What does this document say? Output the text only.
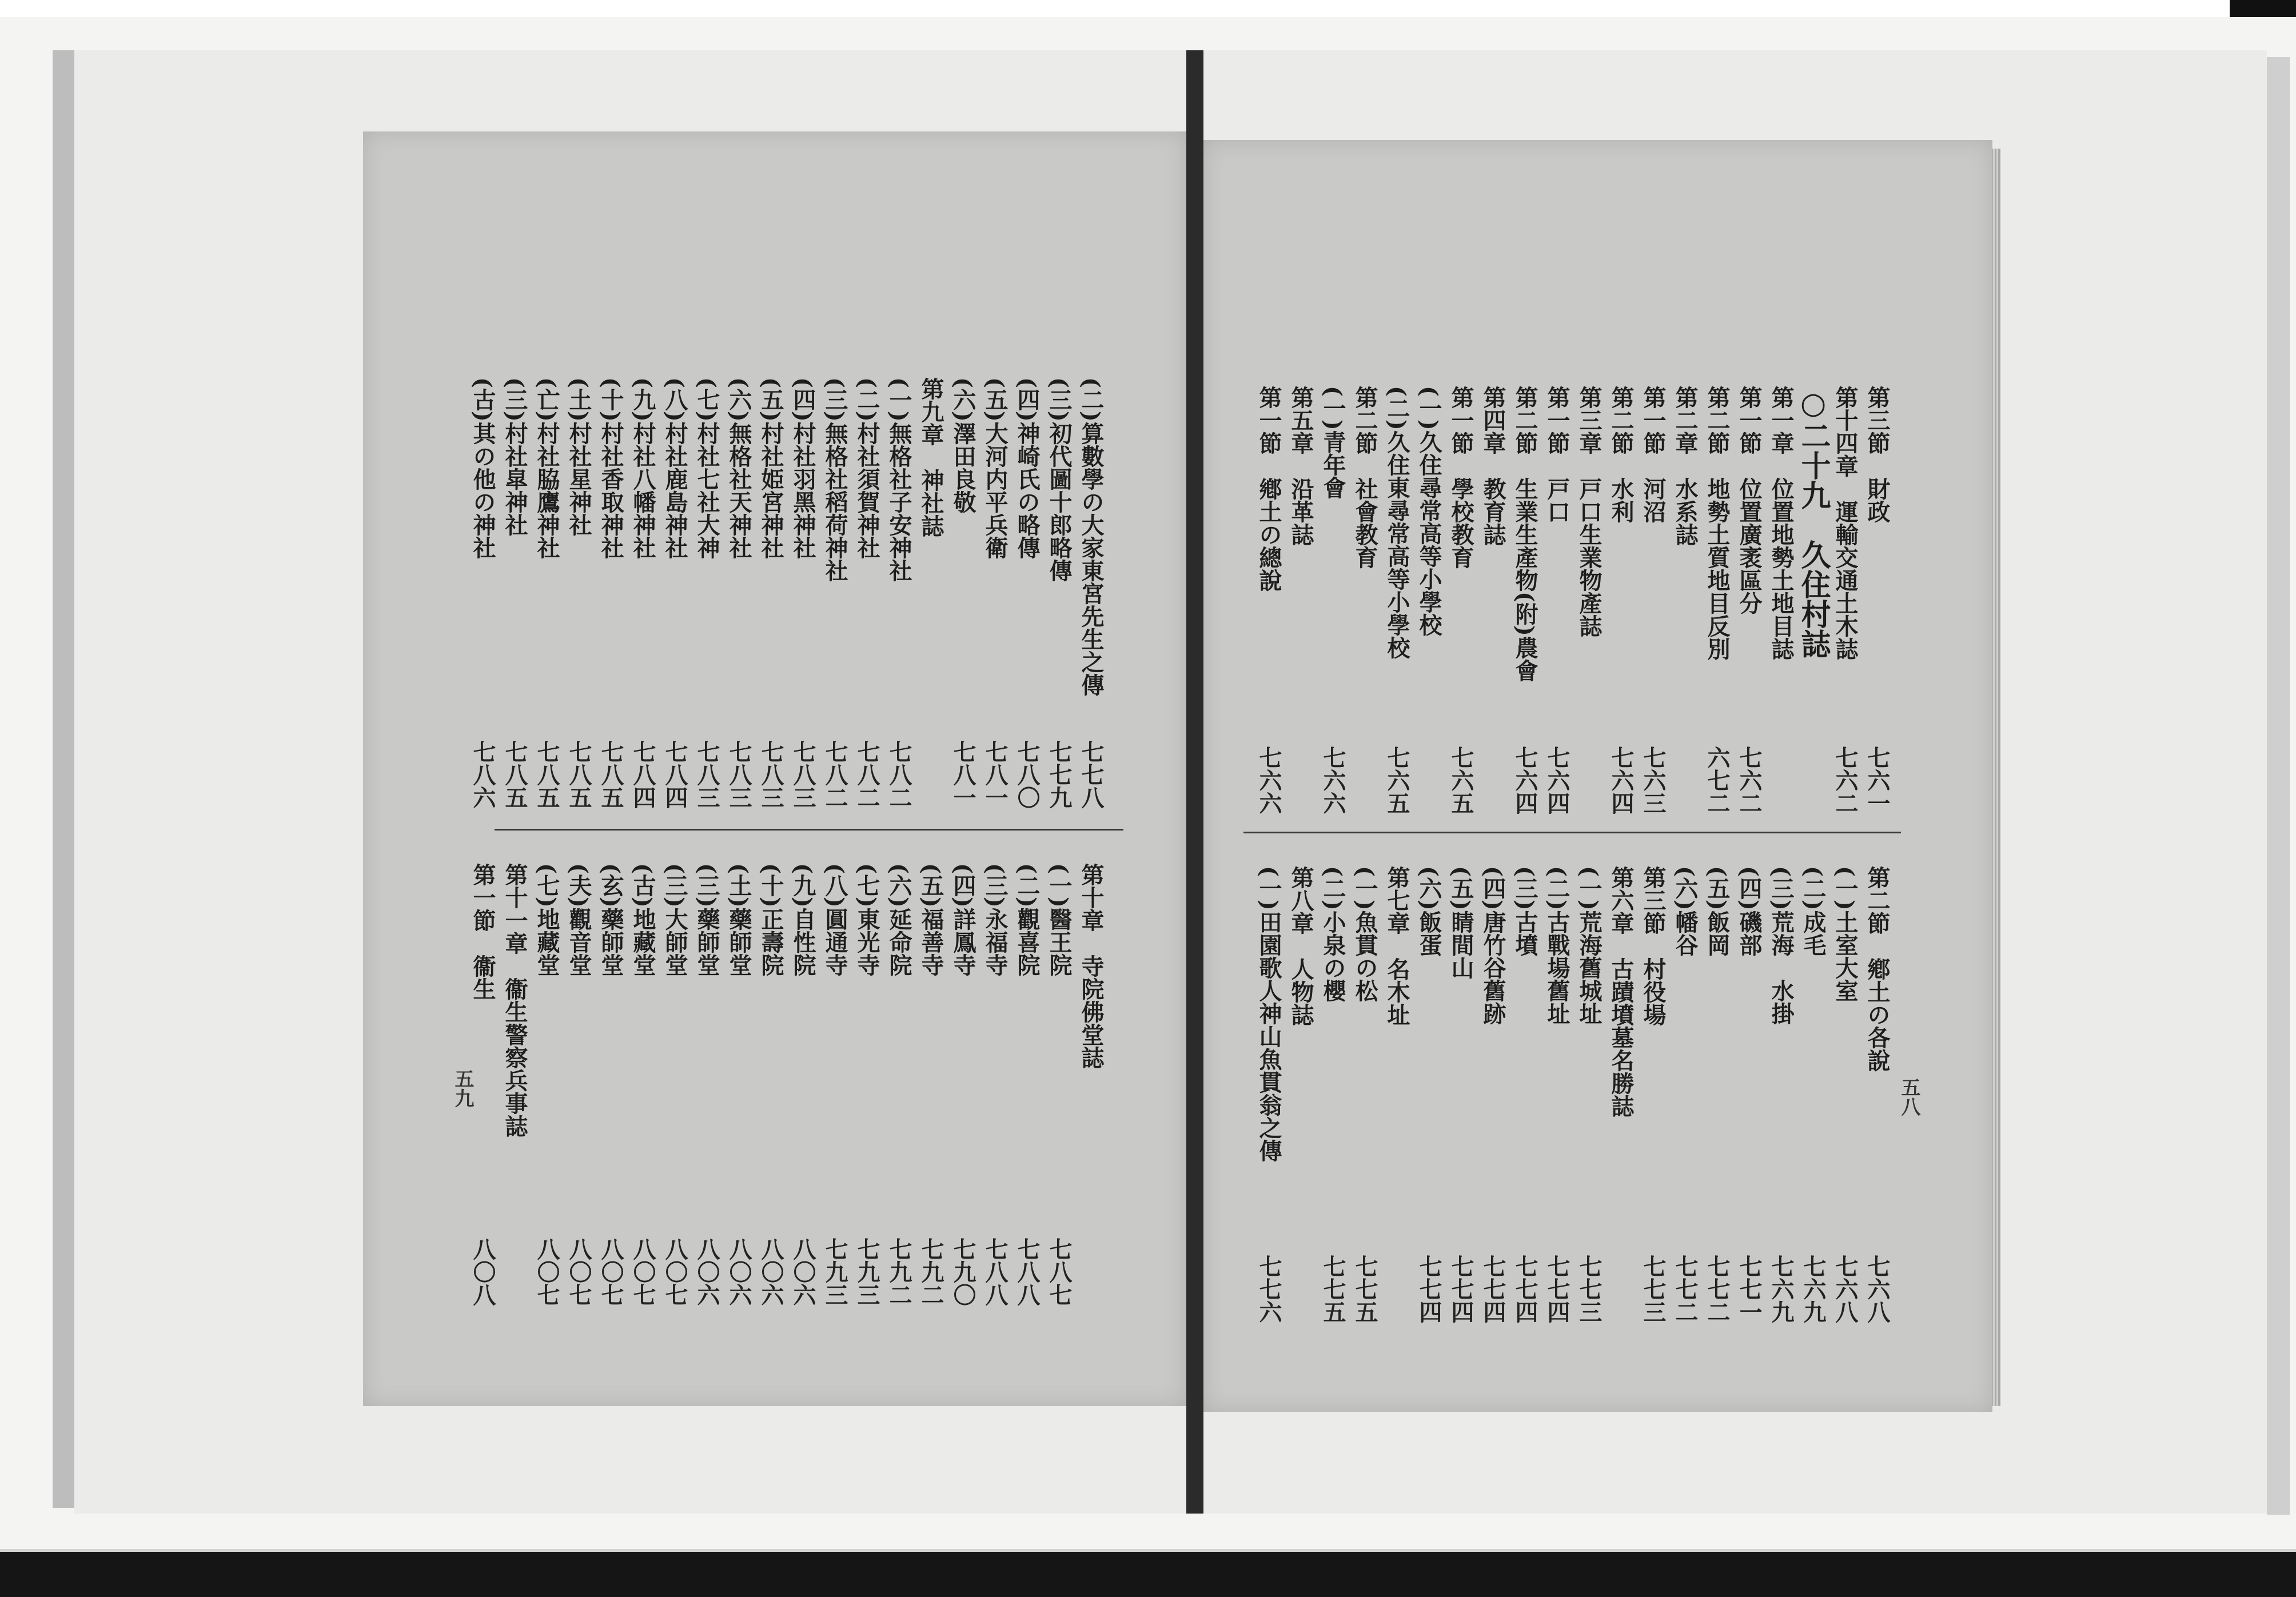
(二)算數學の大家東宮先生之傳
七七八
(三)初代圖十郎略傳
七七九
(四)神崎氏の略傳
七八〇
(五)大河内平兵衛
七八一
(六)澤田良敬
七八一
第九章　神社誌
(一)無格社子安神社
七八二
(二)村社須賀神社
七八二
(三)無格社稻荷神社
七八二
(四)村社羽黑神社
七八三
(五)村社姫宮神社
七八三
(六)無格社天神社
七八三
(七)村社七社大神
七八三
(八)村社鹿島神社
七八四
(九)村社八幡神社
七八四
(十)村社香取神社
七八五
(土)村社星神社
七八五
(亡)村社脇鷹神社
七八五
(三)村社皐神社
七八五
(古)其の他の神社
七八六
第十章　寺院佛堂誌
(一)醫王院
七八七
(二)觀喜院
七八八
(三)永福寺
七八八
(四)詳鳳寺
七九〇
(五)福善寺
七九二
(六)延命院
七九二
(七)東光寺
七九三
(八)圓通寺
七九三
(九)自性院
八〇六
(十)正壽院
八〇六
(土)藥師堂
八〇六
(三)藥師堂
八〇六
(三)大師堂
八〇七
(古)地藏堂
八〇七
(玄)藥師堂
八〇七
(夫)觀音堂
八〇七
(七)地藏堂
八〇七
第十一章　衞生警察兵事誌
第一節　衞生
八〇八
五九
第三節　財政
七六一
第十四章　運輸交通土木誌
七六二
○二十九　久住村誌
第一章　位置地勢土地目誌
第一節　位置廣袤區分
七六二
第二節　地勢土質地目反別
六七二
第二章　水系誌
第一節　河沼
七六三
第二節　水利
七六四
第三章　戸口生業物產誌
第一節　戸口
七六四
第二節　生業生產物(附)農會
七六四
第四章　教育誌
第一節　學校教育
七六五
(一)久住尋常高等小學校
(二)久住東尋常高等小學校
七六五
第二節　社會教育
(一)青年會
七六六
第五章　沿革誌
第一節　鄕土の總說
七六六
第二節　鄕土の各說
七六八
(一)土室大室
七六八
(二)成毛
七六九
(三)荒海　水掛
七六九
(四)磯部
七七一
(五)飯岡
七七二
(六)幡谷
七七二
第三節　村役場
七七三
第六章　古蹟墳墓名勝誌
(一)荒海舊城址
七七三
(二)古戰場舊址
七七四
(三)古墳
七七四
(四)唐竹谷舊跡
七七四
(五)睛間山
七七四
(六)飯蛋
七七四
第七章　名木址
(一)魚貫の松
七七五
(二)小泉の櫻
七七五
第八章　人物誌
(一)田園歌人神山魚貫翁之傳
七七六
五八
